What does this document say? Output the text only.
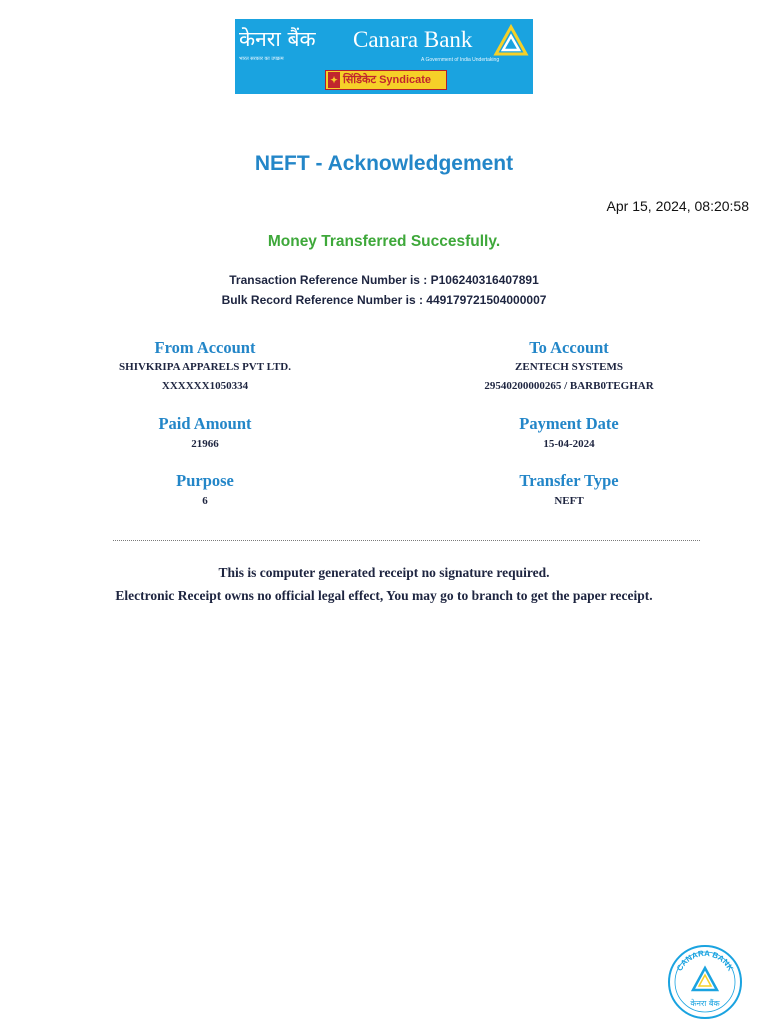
केनरा बैंक
भारत सरकार का उपक्रम
Canara Bank
A Government of India Undertaking
✦ सिंडिकेट Syndicate
NEFT - Acknowledgement
Apr 15, 2024, 08:20:58
Money Transferred Succesfully.
Transaction Reference Number is : P106240316407891
Bulk Record Reference Number is : 449179721504000007
From Account
SHIVKRIPA APPARELS PVT LTD.
XXXXXX1050334
Paid Amount
21966
Purpose
6
To Account
ZENTECH SYSTEMS
29540200000265 / BARB0TEGHAR
Payment Date
15-04-2024
Transfer Type
NEFT
This is computer generated receipt no signature required.
Electronic Receipt owns no official legal effect, You may go to branch to get the paper receipt.
CANARA BANK
केनरा बैंक
